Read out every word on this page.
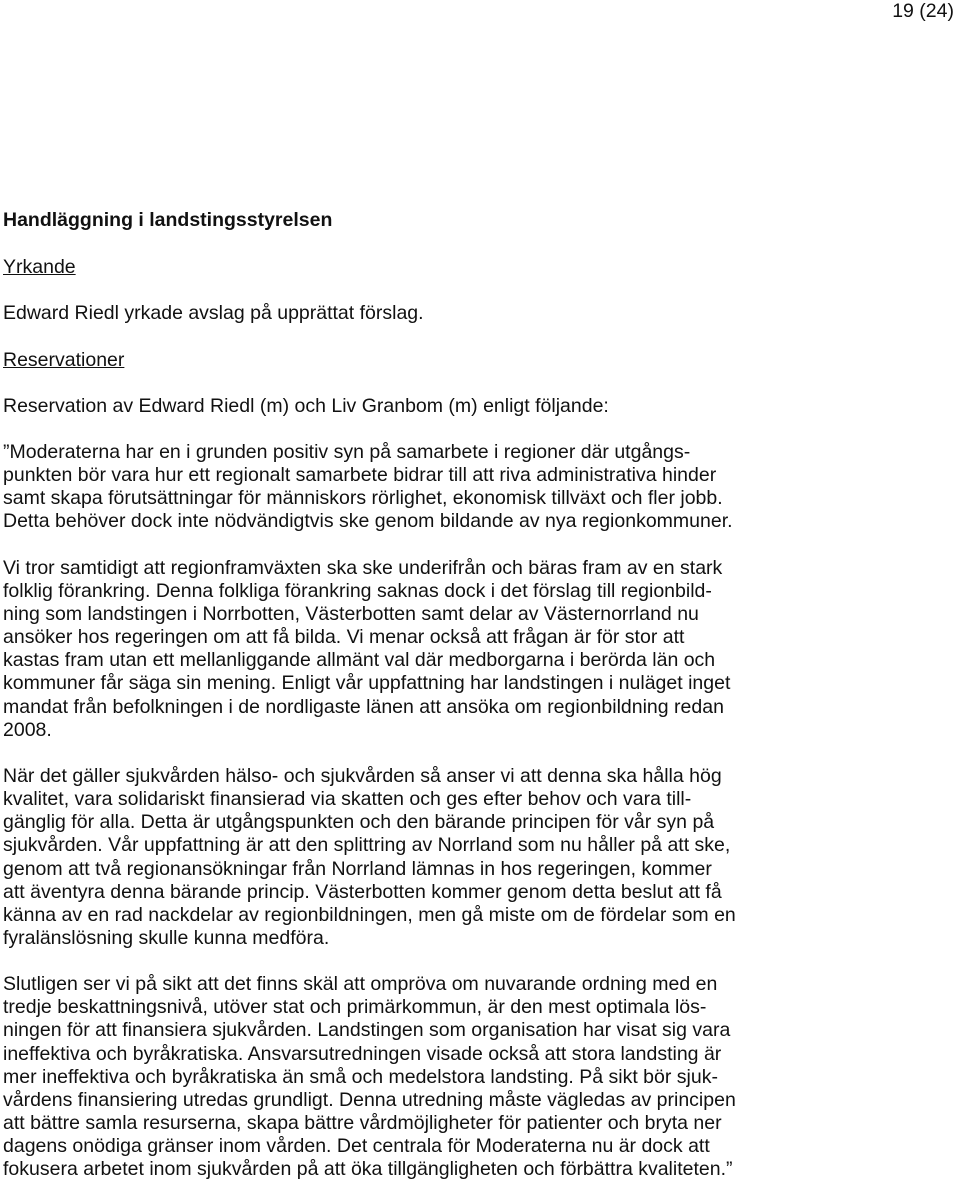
19 (24)

Handläggning i landstingsstyrelsen

Yrkande

Edward Riedl yrkade avslag på upprättat förslag.

Reservationer

Reservation av Edward Riedl (m) och Liv Granbom (m) enligt följande:

”Moderaterna har en i grunden positiv syn på samarbete i regioner där utgångs-
punkten bör vara hur ett regionalt samarbete bidrar till att riva administrativa hinder
samt skapa förutsättningar för människors rörlighet, ekonomisk tillväxt och fler jobb.
Detta behöver dock inte nödvändigtvis ske genom bildande av nya regionkommuner.

Vi tror samtidigt att regionframväxten ska ske underifrån och bäras fram av en stark
folklig förankring. Denna folkliga förankring saknas dock i det förslag till regionbild-
ning som landstingen i Norrbotten, Västerbotten samt delar av Västernorrland nu
ansöker hos regeringen om att få bilda. Vi menar också att frågan är för stor att
kastas fram utan ett mellanliggande allmänt val där medborgarna i berörda län och
kommuner får säga sin mening. Enligt vår uppfattning har landstingen i nuläget inget
mandat från befolkningen i de nordligaste länen att ansöka om regionbildning redan
2008.

När det gäller sjukvården hälso- och sjukvården så anser vi att denna ska hålla hög
kvalitet, vara solidariskt finansierad via skatten och ges efter behov och vara till-
gänglig för alla. Detta är utgångspunkten och den bärande principen för vår syn på
sjukvården. Vår uppfattning är att den splittring av Norrland som nu håller på att ske,
genom att två regionansökningar från Norrland lämnas in hos regeringen, kommer
att äventyra denna bärande princip. Västerbotten kommer genom detta beslut att få
känna av en rad nackdelar av regionbildningen, men gå miste om de fördelar som en
fyralänslösning skulle kunna medföra.

Slutligen ser vi på sikt att det finns skäl att ompröva om nuvarande ordning med en
tredje beskattningsnivå, utöver stat och primärkommun, är den mest optimala lös-
ningen för att finansiera sjukvården. Landstingen som organisation har visat sig vara
ineffektiva och byråkratiska. Ansvarsutredningen visade också att stora landsting är
mer ineffektiva och byråkratiska än små och medelstora landsting. På sikt bör sjuk-
vårdens finansiering utredas grundligt. Denna utredning måste vägledas av principen
att bättre samla resurserna, skapa bättre vårdmöjligheter för patienter och bryta ner
dagens onödiga gränser inom vården. Det centrala för Moderaterna nu är dock att
fokusera arbetet inom sjukvården på att öka tillgängligheten och förbättra kvaliteten.”
